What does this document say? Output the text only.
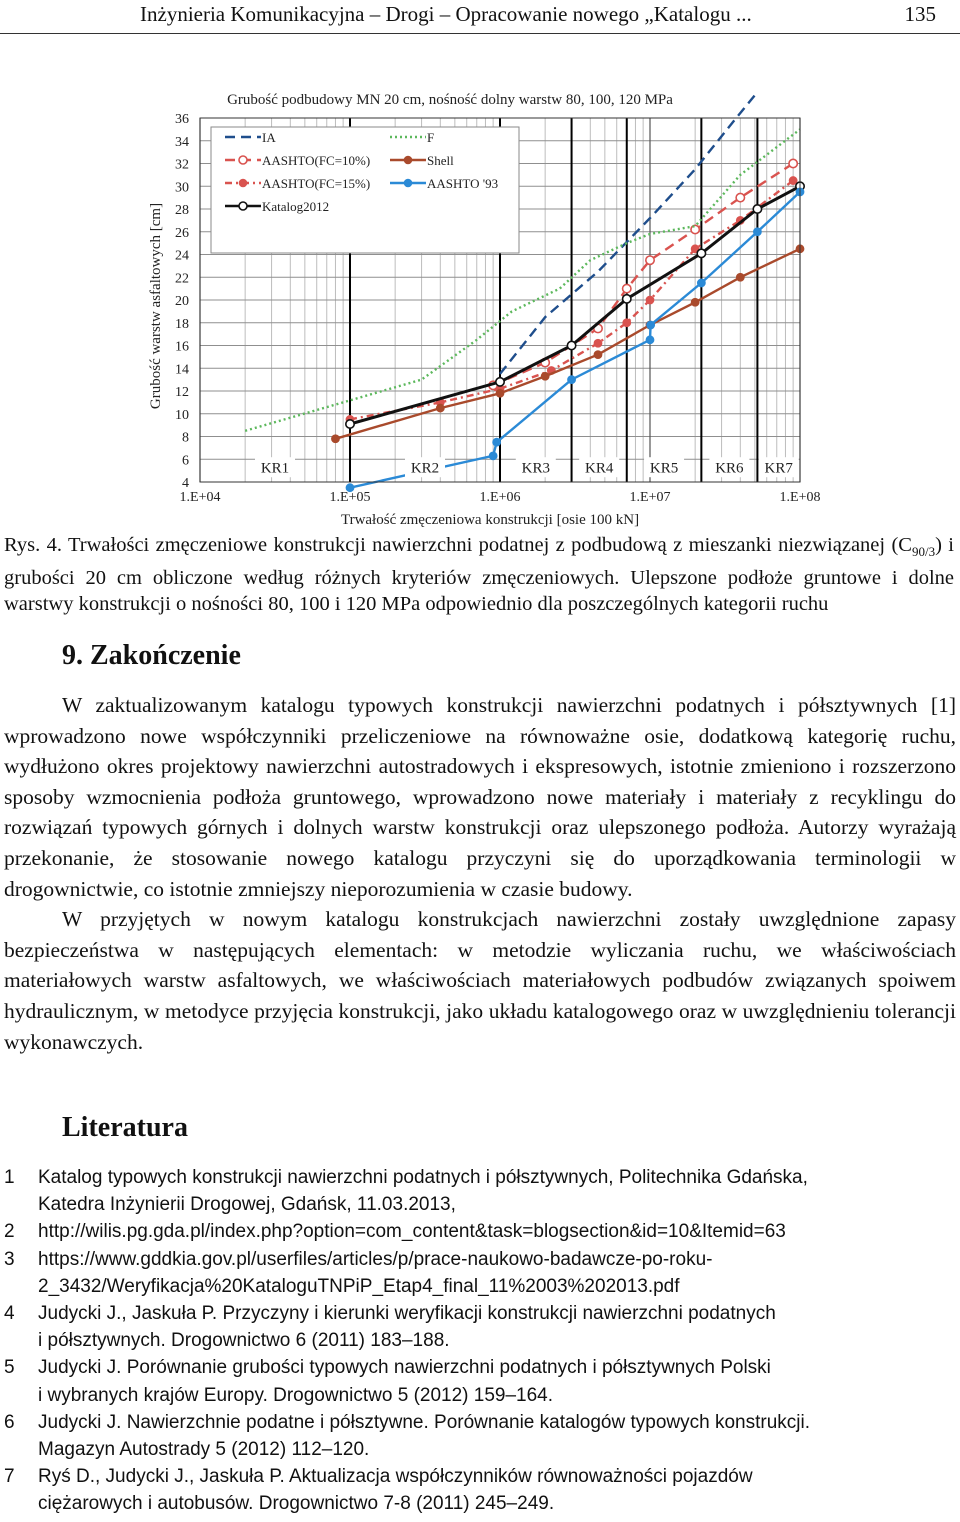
Inżynieria Komunikacyjna – Drogi – Opracowanie nowego „Katalogu ...	135
4
6
8
10
12
14
16
18
20
22
24
26
28
30
32
34
36
1.E+04	1.E+05	1.E+06	1.E+07	1.E+08
KR1	KR2	KR3 KR4 KR5 KR6 KR7
IA
AASHTO(FC=10%)
AASHTO(FC=15%)
Katalog2012
F
Shell
AASHTO '93
Grubość podbudowy MN 20 cm, nośność dolny warstw 80, 100, 120 MPa
Trwałość zmęczeniowa konstrukcji [osie 100 kN]
Grubość warstw asfaltowych [cm]
Rys. 4. Trwałości zmęczeniowe konstrukcji nawierzchni podatnej z podbudową z mieszanki niezwiązanej $(C_{90/3})$ i grubości 20 cm obliczone według różnych kryteriów zmęczeniowych. Ulepszone podłoże gruntowe i dolne warstwy konstrukcji o nośności 80, 100 i 120 MPa odpowiednio dla poszczególnych kategorii ruchu
9. Zakończenie

W zaktualizowanym katalogu typowych konstrukcji nawierzchni podatnych i półsztywnych [1] wprowadzono nowe współczynniki przeliczeniowe na równoważne osie, dodatkową kategorię ruchu, wydłużono okres projektowy nawierzchni autostradowych i ekspresowych, istotnie zmieniono i rozszerzono sposoby wzmocnienia podłoża gruntowego, wprowadzono nowe materiały i materiały z recyklingu do rozwiązań typowych górnych i dolnych warstw konstrukcji oraz ulepszonego podłoża. Autorzy wyrażają przekonanie, że stosowanie nowego katalogu przyczyni się do uporządkowania terminologii w drogownictwie, co istotnie zmniejszy nieporozumienia w czasie budowy.

W przyjętych w nowym katalogu konstrukcjach nawierzchni zostały uwzględnione zapasy bezpieczeństwa w następujących elementach: w metodzie wyliczania ruchu, we właściwościach materiałowych warstw asfaltowych, we właściwościach materiałowych podbudów związanych spoiwem hydraulicznym, w metodyce przyjęcia konstrukcji, jako układu katalogowego oraz w uwzględnieniu tolerancji wykonawczych.

Literatura
1 Katalog typowych konstrukcji nawierzchni podatnych i półsztywnych, Politechnika Gdańska,
Katedra Inżynierii Drogowej, Gdańsk, 11.03.2013,
2 http://wilis.pg.gda.pl/index.php?option=com_content&task=blogsection&id=10&Itemid=63
3 https://www.gddkia.gov.pl/userfiles/articles/p/prace-naukowo-badawcze-po-roku-
2_3432/Weryfikacja%20KataloguTNPiP_Etap4_final_11%2003%202013.pdf
4 Judycki J., Jaskuła P. Przyczyny i kierunki weryfikacji konstrukcji nawierzchni podatnych
i półsztywnych. Drogownictwo 6 (2011) 183–188.
5 Judycki J. Porównanie grubości typowych nawierzchni podatnych i półsztywnych Polski
i wybranych krajów Europy. Drogownictwo 5 (2012) 159–164.
6 Judycki J. Nawierzchnie podatne i półsztywne. Porównanie katalogów typowych konstrukcji.
Magazyn Autostrady 5 (2012) 112–120.
7 Ryś D., Judycki J., Jaskuła P. Aktualizacja współczynników równoważności pojazdów
ciężarowych i autobusów. Drogownictwo 7-8 (2011) 245–249.
